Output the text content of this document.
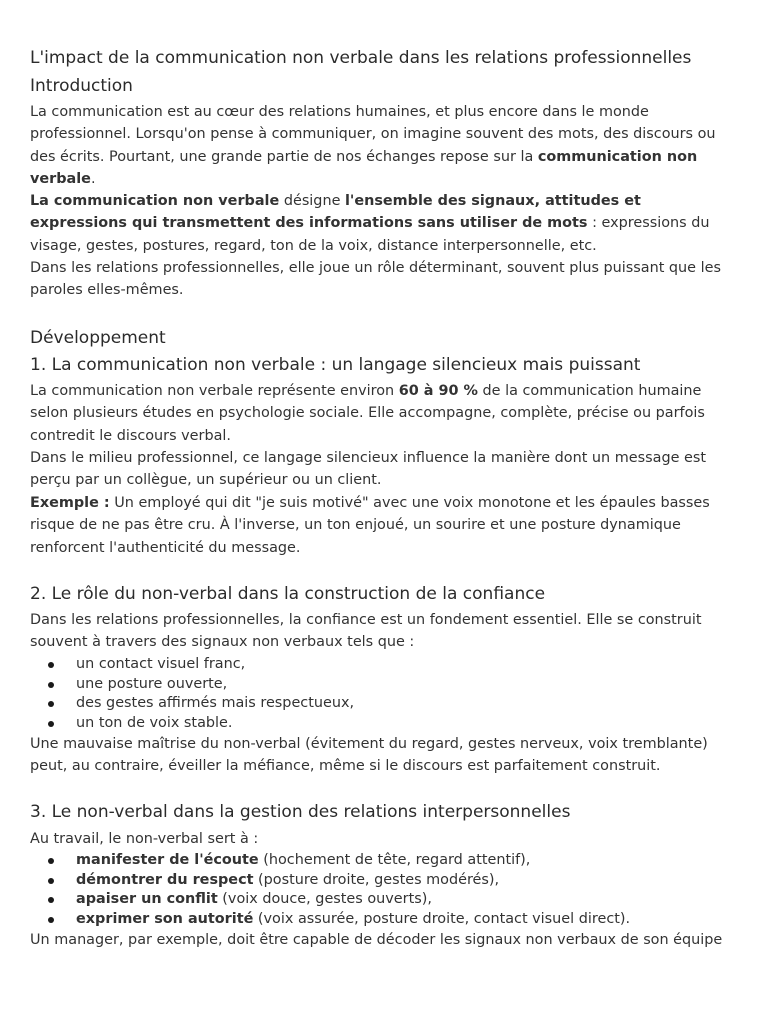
L'impact de la communication non verbale dans les relations professionnelles
Introduction

La communication est au cœur des relations humaines, et plus encore dans le monde professionnel. Lorsqu'on pense à communiquer, on imagine souvent des mots, des discours ou des écrits. Pourtant, une grande partie de nos échanges repose sur la communication non verbale.

La communication non verbale désigne l'ensemble des signaux, attitudes et expressions qui transmettent des informations sans utiliser de mots : expressions du visage, gestes, postures, regard, ton de la voix, distance interpersonnelle, etc.

Dans les relations professionnelles, elle joue un rôle déterminant, souvent plus puissant que les paroles elles-mêmes.

Développement
1. La communication non verbale : un langage silencieux mais puissant

La communication non verbale représente environ 60 à 90 % de la communication humaine selon plusieurs études en psychologie sociale. Elle accompagne, complète, précise ou parfois contredit le discours verbal.

Dans le milieu professionnel, ce langage silencieux influence la manière dont un message est perçu par un collègue, un supérieur ou un client.

Exemple : Un employé qui dit "je suis motivé" avec une voix monotone et les épaules basses risque de ne pas être cru. À l'inverse, un ton enjoué, un sourire et une posture dynamique renforcent l'authenticité du message.

2. Le rôle du non-verbal dans la construction de la confiance

Dans les relations professionnelles, la confiance est un fondement essentiel. Elle se construit souvent à travers des signaux non verbaux tels que :

un contact visuel franc,
une posture ouverte,
des gestes affirmés mais respectueux,
un ton de voix stable.

Une mauvaise maîtrise du non-verbal (évitement du regard, gestes nerveux, voix tremblante) peut, au contraire, éveiller la méfiance, même si le discours est parfaitement construit.

3. Le non-verbal dans la gestion des relations interpersonnelles

Au travail, le non-verbal sert à :

manifester de l'écoute (hochement de tête, regard attentif),
démontrer du respect (posture droite, gestes modérés),
apaiser un conflit (voix douce, gestes ouverts),
exprimer son autorité (voix assurée, posture droite, contact visuel direct).

Un manager, par exemple, doit être capable de décoder les signaux non verbaux de son équipe
